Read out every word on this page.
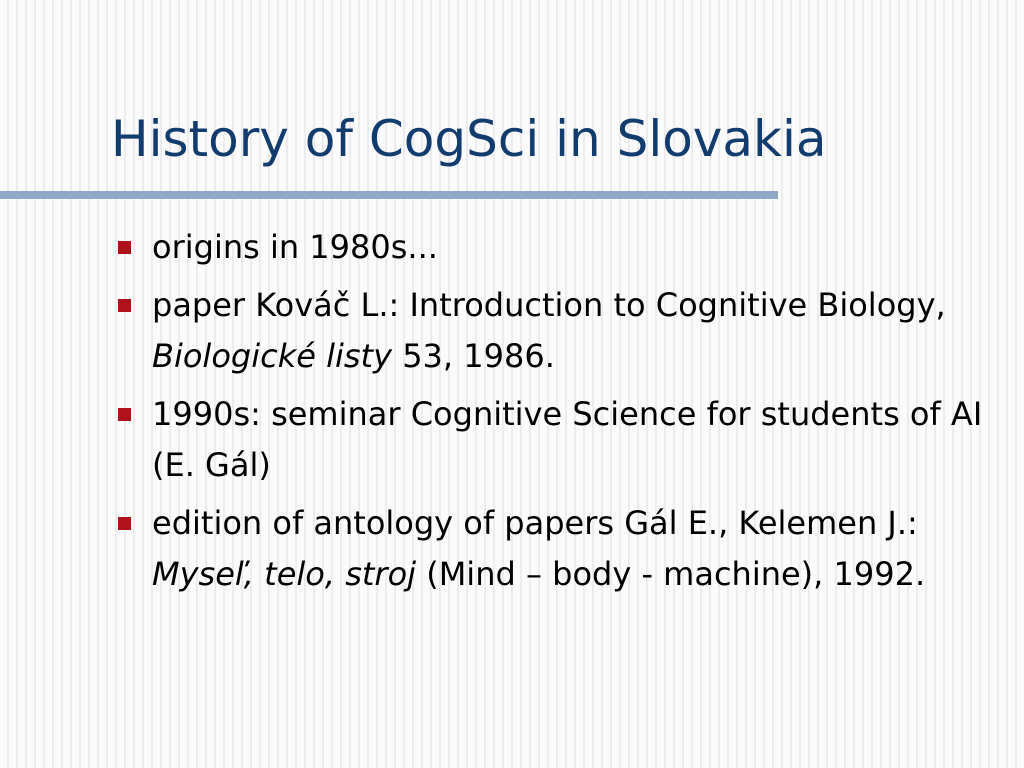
History of CogSci in Slovakia
origins in 1980s...
paper Kováč L.: Introduction to Cognitive Biology, Biologické listy 53, 1986.
1990s: seminar Cognitive Science for students of AI (E. Gál)
edition of antology of papers Gál E., Kelemen J.: Myseľ, telo, stroj (Mind – body - machine), 1992.
